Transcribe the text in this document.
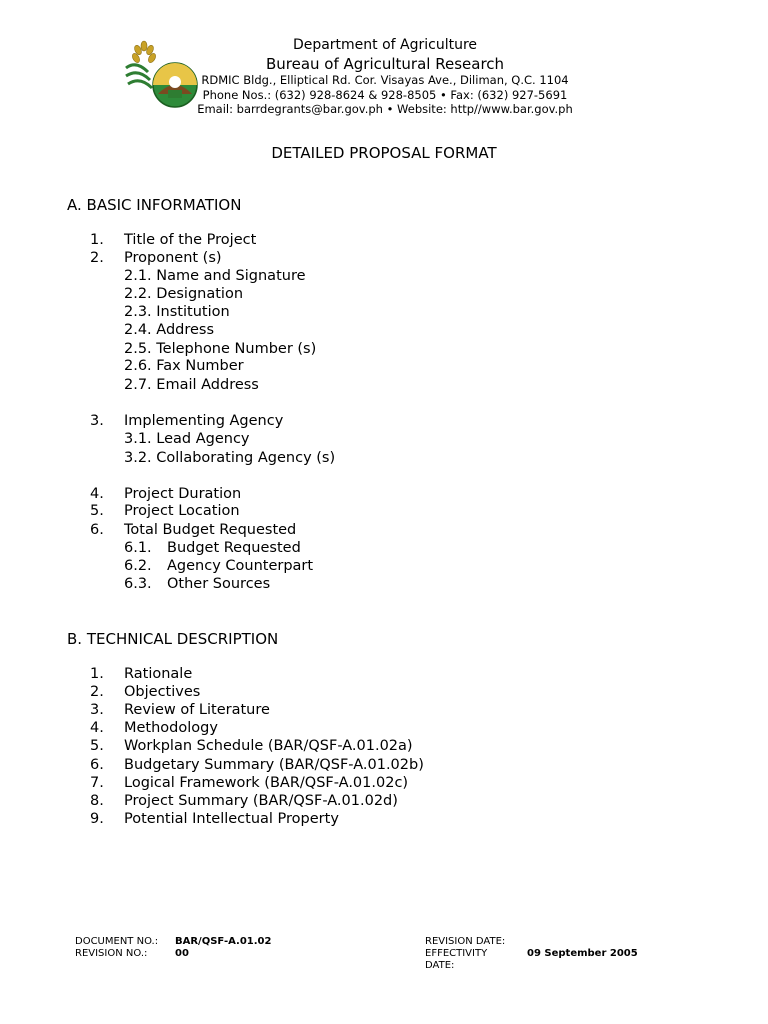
Department of Agriculture
Bureau of Agricultural Research
RDMIC Bldg., Elliptical Rd. Cor. Visayas Ave., Diliman, Q.C. 1104
Phone Nos.: (632) 928-8624 & 928-8505 • Fax: (632) 927-5691
Email: barrdegrants@bar.gov.ph • Website: http//www.bar.gov.ph
DETAILED PROPOSAL FORMAT
A. BASIC INFORMATION
1. Title of the Project
2. Proponent (s)
2.1. Name and Signature
2.2. Designation
2.3. Institution
2.4. Address
2.5. Telephone Number (s)
2.6. Fax Number
2.7. Email Address
3. Implementing Agency
3.1. Lead Agency
3.2. Collaborating Agency (s)
4. Project Duration
5. Project Location
6. Total Budget Requested
6.1. Budget Requested
6.2. Agency Counterpart
6.3. Other Sources
B. TECHNICAL DESCRIPTION
1. Rationale
2. Objectives
3. Review of Literature
4. Methodology
5. Workplan Schedule (BAR/QSF-A.01.02a)
6. Budgetary Summary (BAR/QSF-A.01.02b)
7. Logical Framework (BAR/QSF-A.01.02c)
8. Project Summary (BAR/QSF-A.01.02d)
9. Potential Intellectual Property
DOCUMENT NO.: BAR/QSF-A.01.02
REVISION NO.:	00
REVISION DATE:
EFFECTIVITY
DATE:
09 September 2005
